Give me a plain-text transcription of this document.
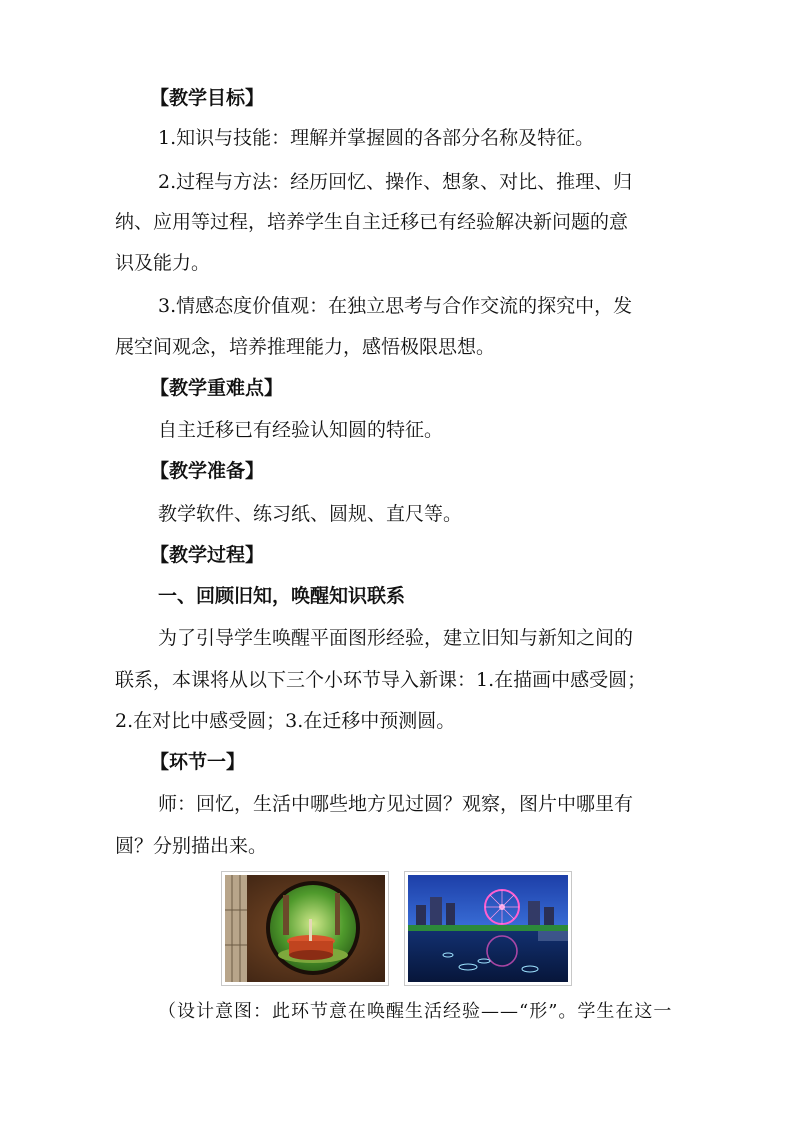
【教学目标】
1.知识与技能：理解并掌握圆的各部分名称及特征。
2.过程与方法：经历回忆、操作、想象、对比、推理、归
纳、应用等过程，培养学生自主迁移已有经验解决新问题的意
识及能力。
3.情感态度价值观：在独立思考与合作交流的探究中，发
展空间观念，培养推理能力，感悟极限思想。
【教学重难点】
自主迁移已有经验认知圆的特征。
【教学准备】
教学软件、练习纸、圆规、直尺等。
【教学过程】
一、回顾旧知，唤醒知识联系
为了引导学生唤醒平面图形经验，建立旧知与新知之间的
联系，本课将从以下三个小环节导入新课：1.在描画中感受圆；
2.在对比中感受圆；3.在迁移中预测圆。
【环节一】
师：回忆，生活中哪些地方见过圆？观察，图片中哪里有
圆？分别描出来。
（设计意图：此环节意在唤醒生活经验——“形”。学生在这一
